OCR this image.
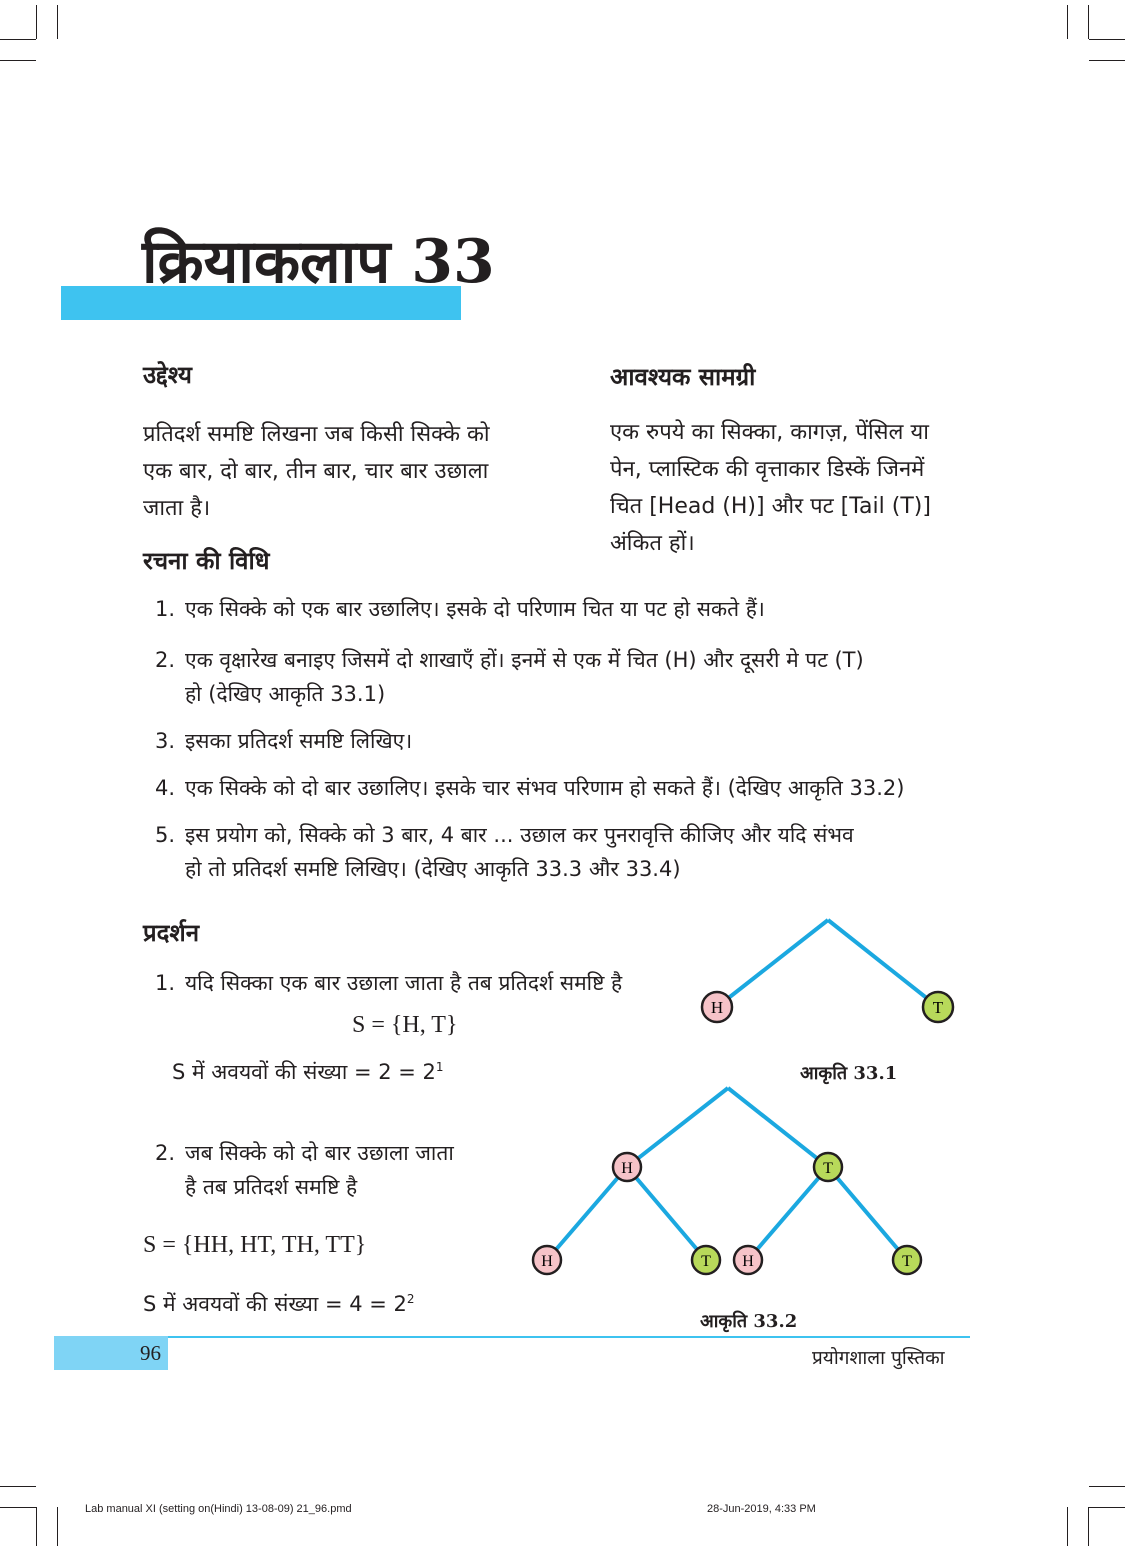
क्रियाकलाप 33
उद्देश्य
प्रतिदर्श समष्टि लिखना जब किसी सिक्के को
एक बार, दो बार, तीन बार, चार बार उछाला
जाता है।
आवश्यक सामग्री
एक रुपये का सिक्का, कागज़, पेंसिल या
पेन, प्लास्टिक की वृत्ताकार डिस्कें जिनमें
चित [Head (H)] और पट [Tail (T)]
अंकित हों।
रचना की विधि
1. एक सिक्के को एक बार उछालिए। इसके दो परिणाम चित या पट हो सकते हैं।
2. एक वृक्षारेख बनाइए जिसमें दो शाखाएँ हों। इनमें से एक में चित (H) और दूसरी मे पट (T)
हो (देखिए आकृति 33.1)
3. इसका प्रतिदर्श समष्टि लिखिए।
4. एक सिक्के को दो बार उछालिए। इसके चार संभव परिणाम हो सकते हैं। (देखिए आकृति 33.2)
5. इस प्रयोग को, सिक्के को 3 बार, 4 बार ... उछाल कर पुनरावृत्ति कीजिए और यदि संभव
हो तो प्रतिदर्श समष्टि लिखिए। (देखिए आकृति 33.3 और 33.4)
प्रदर्शन
1. यदि सिक्का एक बार उछाला जाता है तब प्रतिदर्श समष्टि है
S = {H, T}
S में अवयवों की संख्या = $2 = 2^1$
2. जब सिक्के को दो बार उछाला जाता
है तब प्रतिदर्श समष्टि है
S = {HH, HT, TH, TT}
S में अवयवों की संख्या = $4 = 2^2$
H	T
आकृति 33.1
H	T
H	T H	T
आकृति 33.2
96	प्रयोगशाला पुस्तिका
Lab manual XI (setting on(Hindi) 13-08-09) 21_96.pmd	28-Jun-2019, 4:33 PM
